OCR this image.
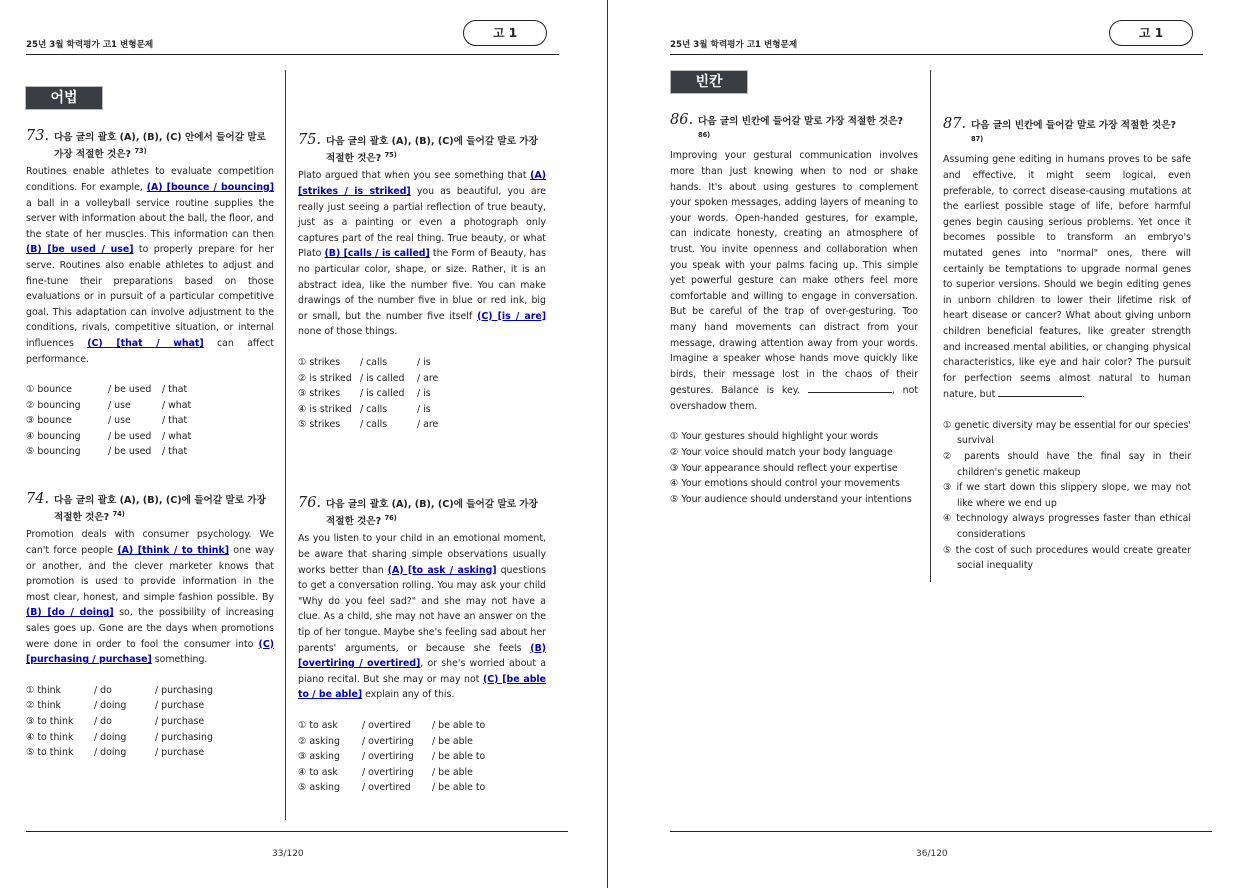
25년 3월 학력평가 고1 변형문제
고 1
어법
73. 다음 글의 괄호 (A), (B), (C) 안에서 들어갈 말로 가장 적절한 것은? $^{73)}$
Routines enable athletes to evaluate competition conditions. For example, (A) [bounce / bouncing] a ball in a volleyball service routine supplies the server with information about the ball, the floor, and the state of her muscles. This information can then (B) [be used / use] to properly prepare for her serve. Routines also enable athletes to adjust and fine-tune their preparations based on those evaluations or in pursuit of a particular competitive goal. This adaptation can involve adjustment to the conditions, rivals, competitive situation, or internal influences (C) [that / what] can affect performance.
① bounce	/ be used / that
② bouncing	/ use	/ what
③ bounce	/ use	/ that
④ bouncing	/ be used / what
⑤ bouncing	/ be used / that
74. 다음 글의 괄호 (A), (B), (C)에 들어갈 말로 가장 적절한 것은? $^{74)}$
Promotion deals with consumer psychology. We can't force people (A) [think / to think] one way or another, and the clever marketer knows that promotion is used to provide information in the most clear, honest, and simple fashion possible. By (B) [do / doing] so, the possibility of increasing sales goes up. Gone are the days when promotions were done in order to fool the consumer into (C) [purchasing / purchase] something.
① think	/ do	/ purchasing
② think	/ doing	/ purchase
③ to think / do	/ purchase
④ to think / doing	/ purchasing
⑤ to think / doing	/ purchase
75. 다음 글의 괄호 (A), (B), (C)에 들어갈 말로 가장 적절한 것은? $^{75)}$
Plato argued that when you see something that (A) [strikes / is striked] you as beautiful, you are really just seeing a partial reflection of true beauty, just as a painting or even a photograph only captures part of the real thing. True beauty, or what Plato (B) [calls / is called] the Form of Beauty, has no particular color, shape, or size. Rather, it is an abstract idea, like the number five. You can make drawings of the number five in blue or red ink, big or small, but the number five itself (C) [is / are] none of those things.
① strikes / calls	/ is
② is striked / is called / are
③ strikes / is called / is
④ is striked / calls	/ is
⑤ strikes / calls	/ are
76. 다음 글의 괄호 (A), (B), (C)에 들어갈 말로 가장 적절한 것은? $^{76)}$
As you listen to your child in an emotional moment, be aware that sharing simple observations usually works better than (A) [to ask / asking] questions to get a conversation rolling. You may ask your child "Why do you feel sad?" and she may not have a clue. As a child, she may not have an answer on the tip of her tongue. Maybe she's feeling sad about her parents' arguments, or because she feels (B) [overtiring / overtired], or she's worried about a piano recital. But she may or may not (C) [be able to / be able] explain any of this.
① to ask	/ overtired / be able to
② asking / overtiring / be able
③ asking / overtiring / be able to
④ to ask	/ overtiring / be able
⑤ asking / overtired / be able to
33/120
25년 3월 학력평가 고1 변형문제
고 1
빈칸
86. 다음 글의 빈칸에 들어갈 말로 가장 적절한 것은? $^{86)}$
Improving your gestural communication involves more than just knowing when to nod or shake hands. It's about using gestures to complement your spoken messages, adding layers of meaning to your words. Open-handed gestures, for example, can indicate honesty, creating an atmosphere of trust. You invite openness and collaboration when you speak with your palms facing up. This simple yet powerful gesture can make others feel more comfortable and willing to engage in conversation. But be careful of the trap of over-gesturing. Too many hand movements can distract from your message, drawing attention away from your words. Imagine a speaker whose hands move quickly like birds, their message lost in the chaos of their gestures. Balance is key.	, not overshadow them.
① Your gestures should highlight your words
② Your voice should match your body language
③ Your appearance should reflect your expertise
④ Your emotions should control your movements
⑤ Your audience should understand your intentions
87. 다음 글의 빈칸에 들어갈 말로 가장 적절한 것은? $^{87)}$
Assuming gene editing in humans proves to be safe and effective, it might seem logical, even preferable, to correct disease-causing mutations at the earliest possible stage of life, before harmful genes begin causing serious problems. Yet once it becomes possible to transform an embryo's mutated genes into "normal" ones, there will certainly be temptations to upgrade normal genes to superior versions. Should we begin editing genes in unborn children to lower their lifetime risk of heart disease or cancer? What about giving unborn children beneficial features, like greater strength and increased mental abilities, or changing physical characteristics, like eye and hair color? The pursuit for perfection seems almost natural to human nature, but	.
① genetic diversity may be essential for our species' survival
② parents should have the final say in their children's genetic makeup
③ if we start down this slippery slope, we may not like where we end up
④ technology always progresses faster than ethical considerations
⑤ the cost of such procedures would create greater social inequality
36/120
